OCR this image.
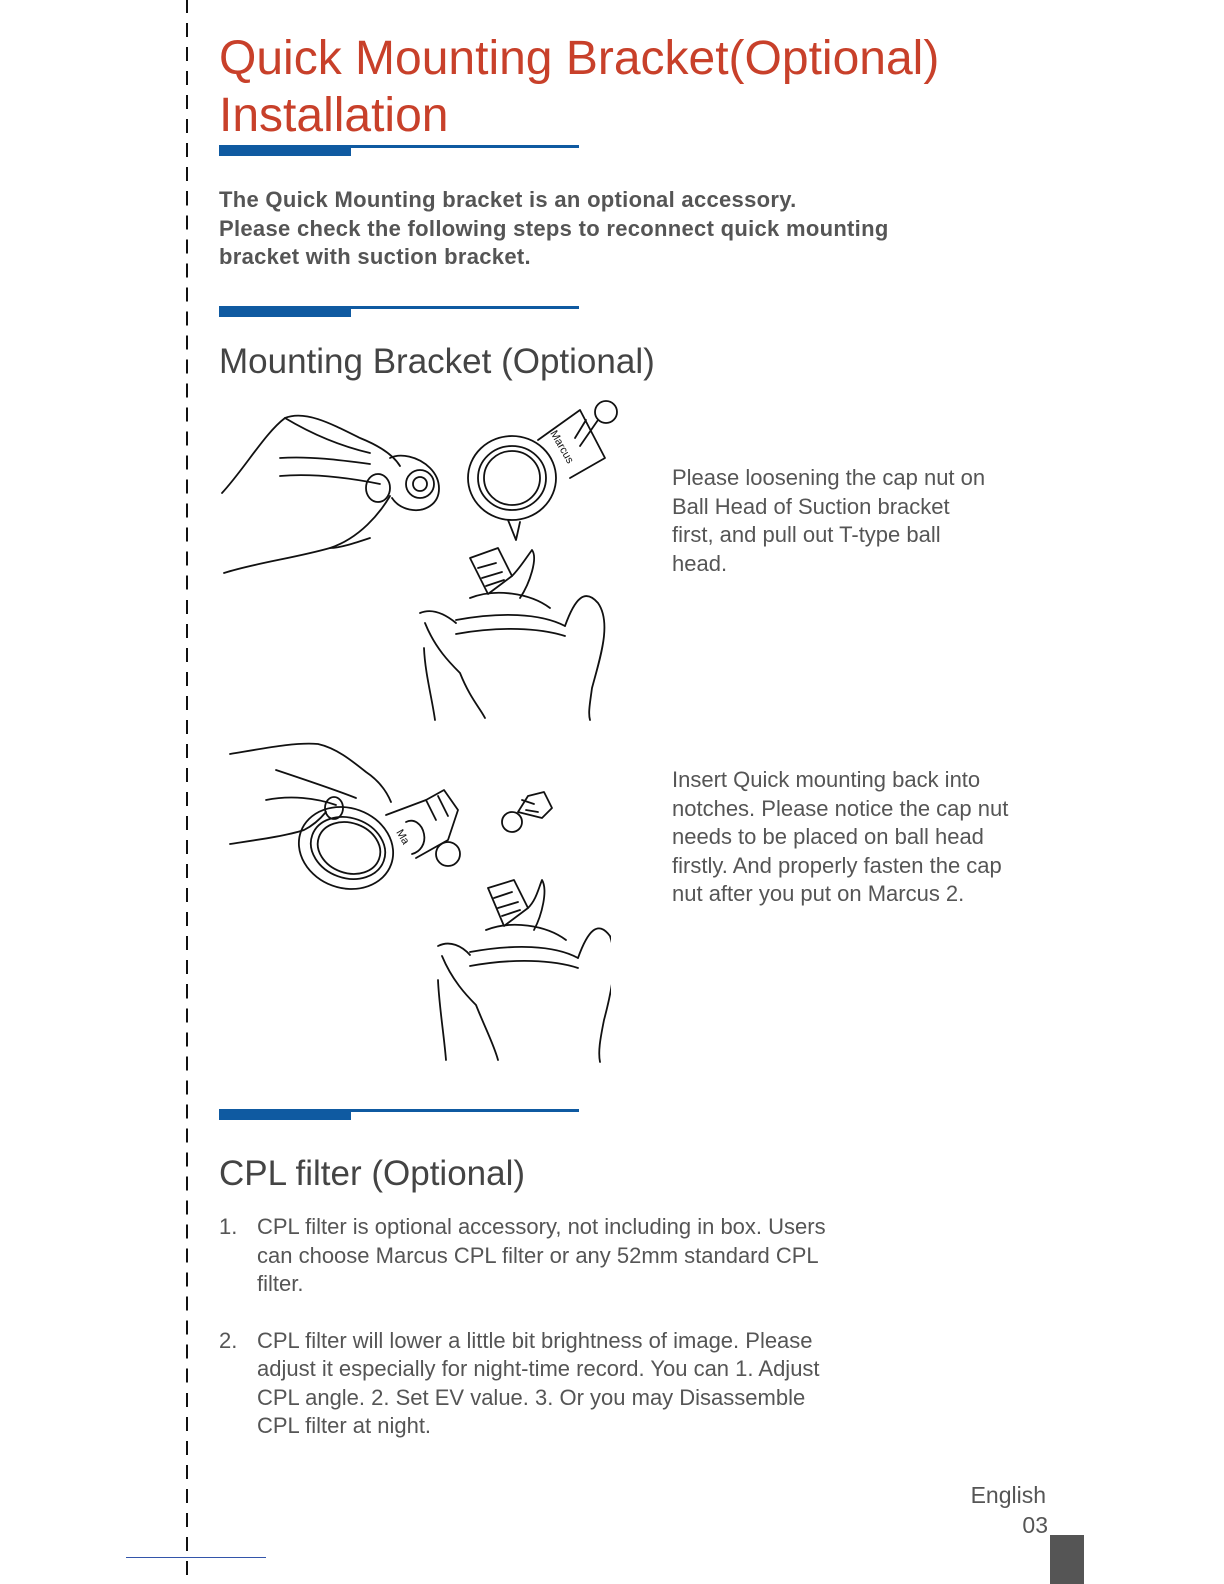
Quick Mounting Bracket(Optional)
Installation

The Quick Mounting bracket is an optional accessory.
Please check the following steps to reconnect quick mounting
bracket with suction bracket.

Mounting Bracket (Optional)
Marcus

Please loosening the cap nut on
Ball Head of Suction bracket
first, and pull out T-type ball
head.

Ma

Insert Quick mounting back into
notches. Please notice the cap nut
needs to be placed on ball head
firstly. And properly fasten the cap
nut after you put on Marcus 2.

CPL filter (Optional)
1. CPL filter is optional accessory, not including in box. Users
can choose Marcus CPL filter or any 52mm standard CPL
filter.
2. CPL filter will lower a little bit brightness of image. Please
adjust it especially for night-time record. You can 1. Adjust
CPL angle. 2. Set EV value. 3. Or you may Disassemble
CPL filter at night.
English
03
